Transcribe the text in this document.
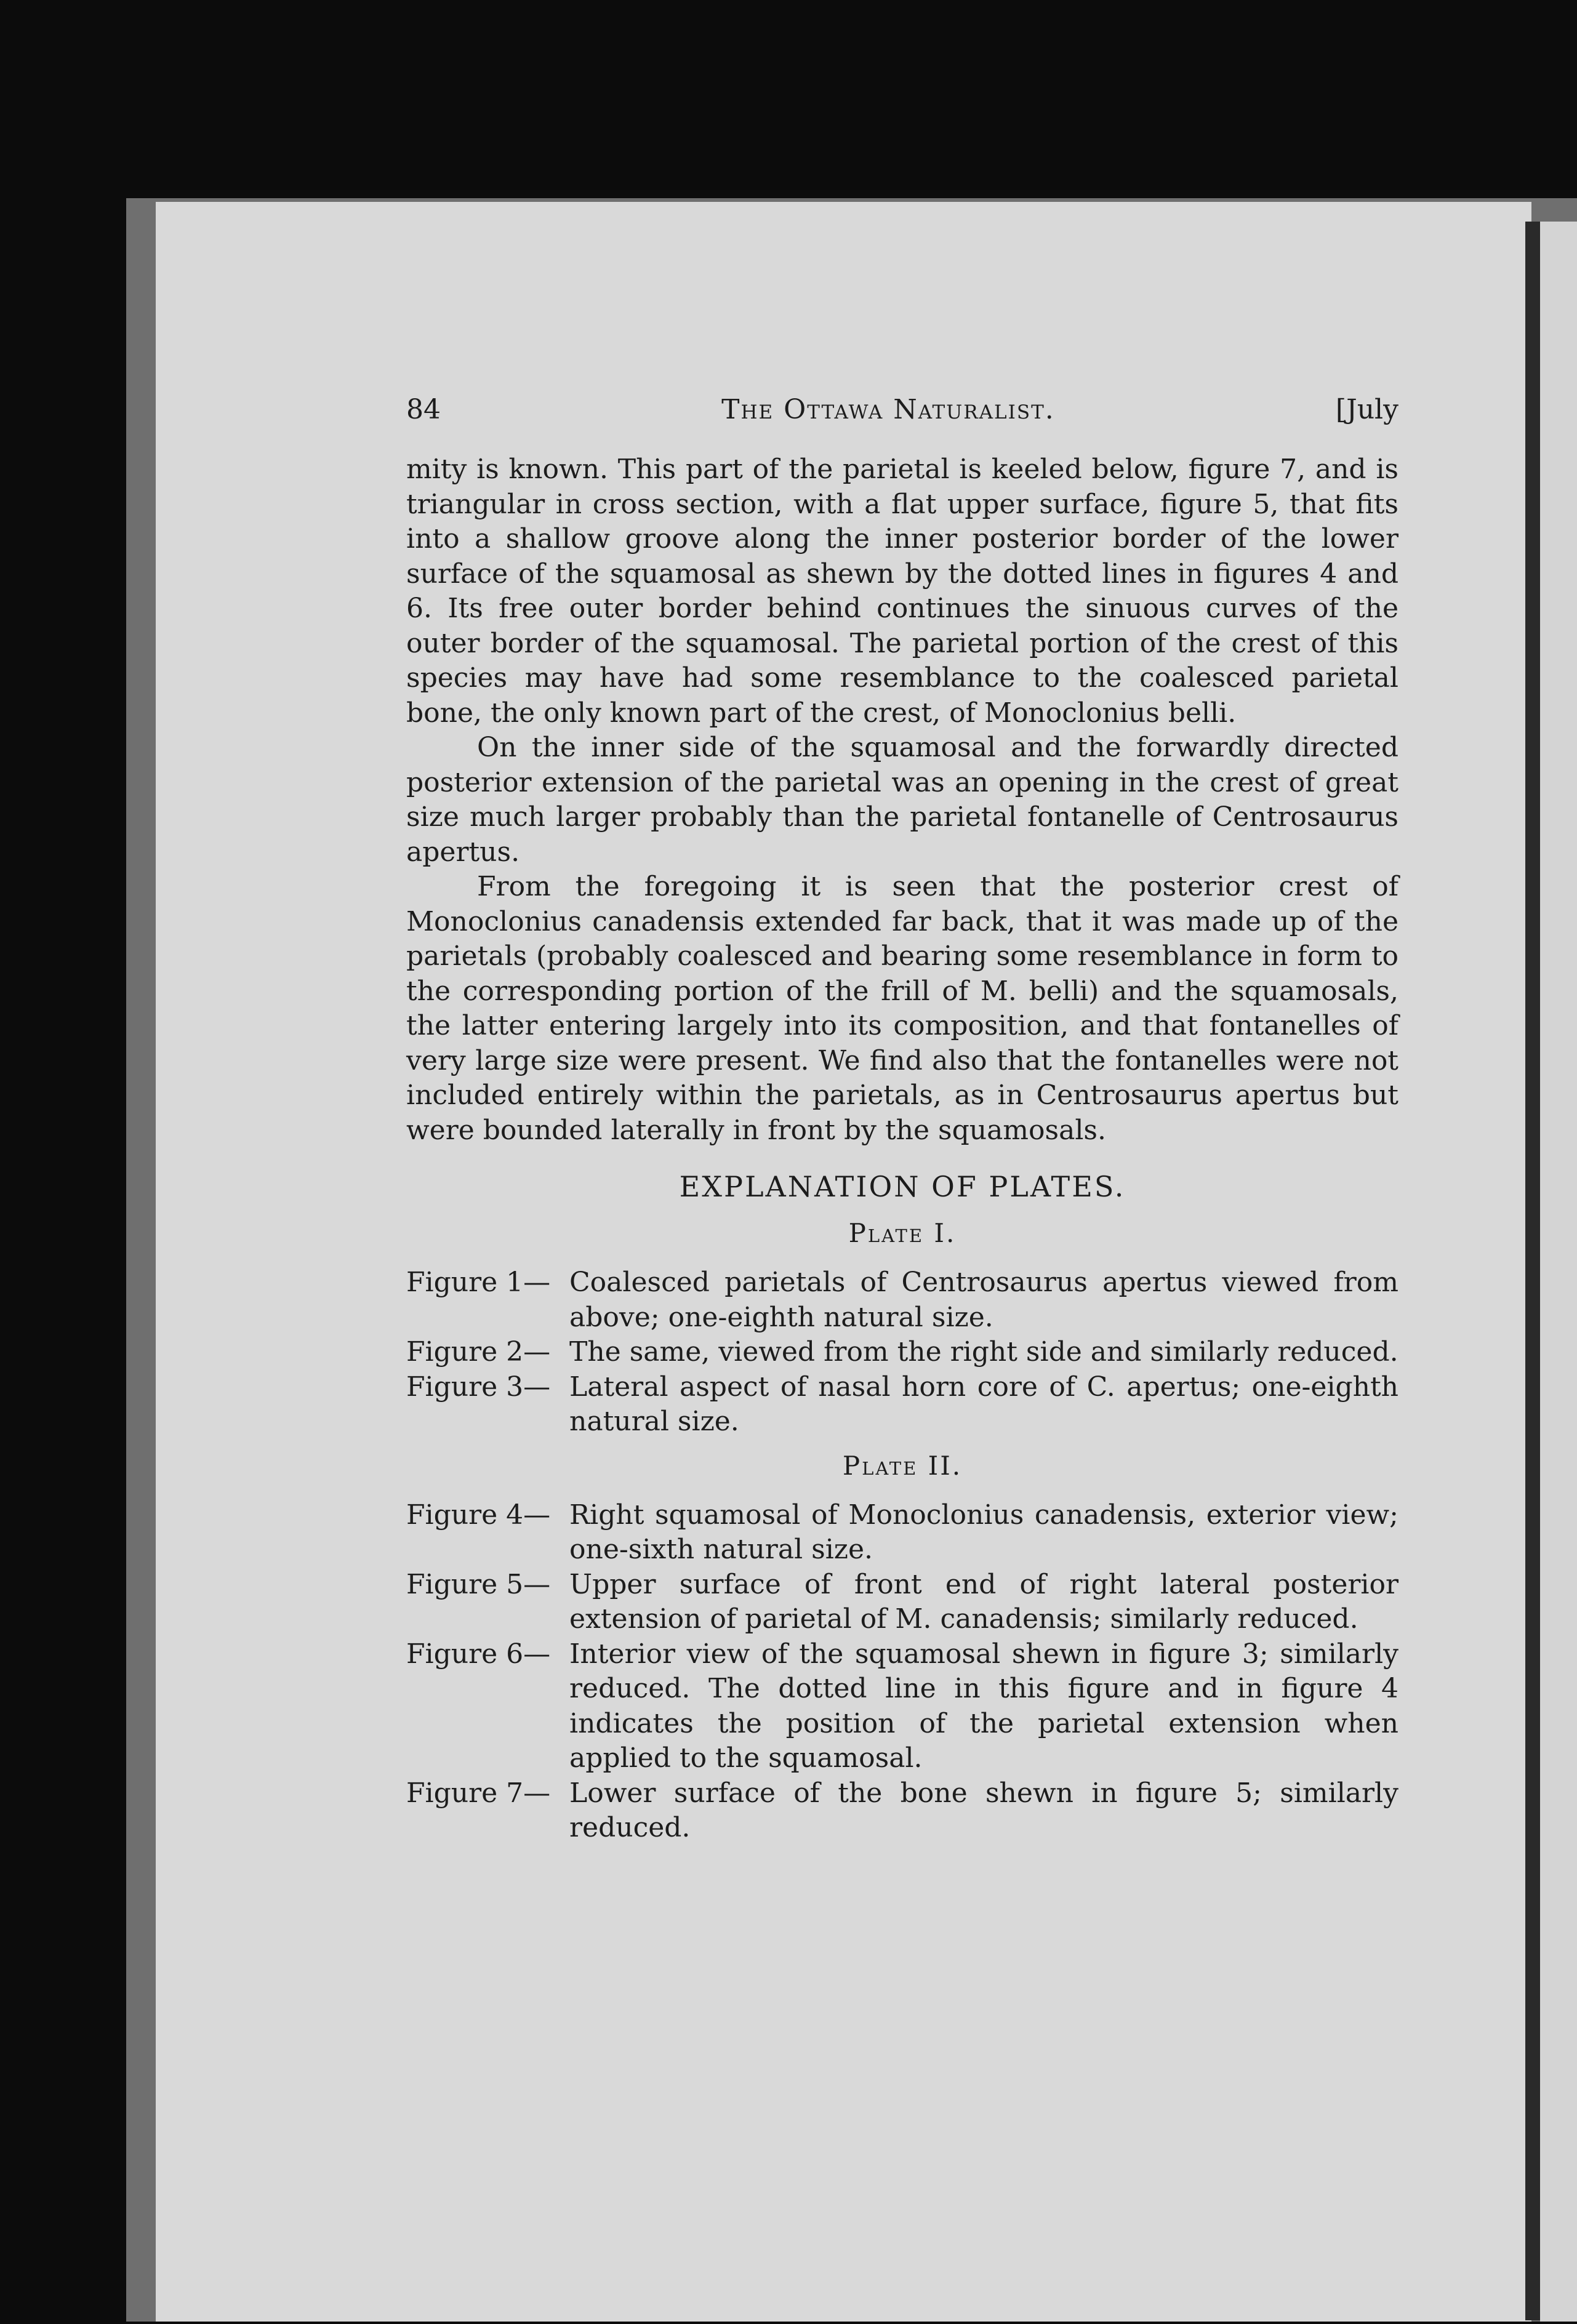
84	The Ottawa Naturalist.	[July

mity is known. This part of the parietal is keeled below, figure 7, and is triangular in cross section, with a flat upper surface, figure 5, that fits into a shallow groove along the inner posterior border of the lower surface of the squamosal as shewn by the dotted lines in figures 4 and 6. Its free outer border behind continues the sinuous curves of the outer border of the squamosal. The parietal portion of the crest of this species may have had some resemblance to the coalesced parietal bone, the only known part of the crest, of Monoclonius belli.

On the inner side of the squamosal and the forwardly directed posterior extension of the parietal was an opening in the crest of great size much larger probably than the parietal fontanelle of Centrosaurus apertus.

From the foregoing it is seen that the posterior crest of Monoclonius canadensis extended far back, that it was made up of the parietals (probably coalesced and bearing some resemblance in form to the corresponding portion of the frill of M. belli) and the squamosals, the latter entering largely into its composition, and that fontanelles of very large size were present. We find also that the fontanelles were not included entirely within the parietals, as in Centrosaurus apertus but were bounded laterally in front by the squamosals.

EXPLANATION OF PLATES.
Plate I.
Figure 1— Coalesced parietals of Centrosaurus apertus viewed from above; one-eighth natural size.
Figure 2— The same, viewed from the right side and similarly reduced.
Figure 3— Lateral aspect of nasal horn core of C. apertus; one-eighth natural size.
Plate II.
Figure 4— Right squamosal of Monoclonius canadensis, exterior view; one-sixth natural size.
Figure 5— Upper surface of front end of right lateral posterior extension of parietal of M. canadensis; similarly reduced.
Figure 6— Interior view of the squamosal shewn in figure 3; similarly reduced. The dotted line in this figure and in figure 4 indicates the position of the parietal extension when applied to the squamosal.
Figure 7— Lower surface of the bone shewn in figure 5; similarly reduced.
